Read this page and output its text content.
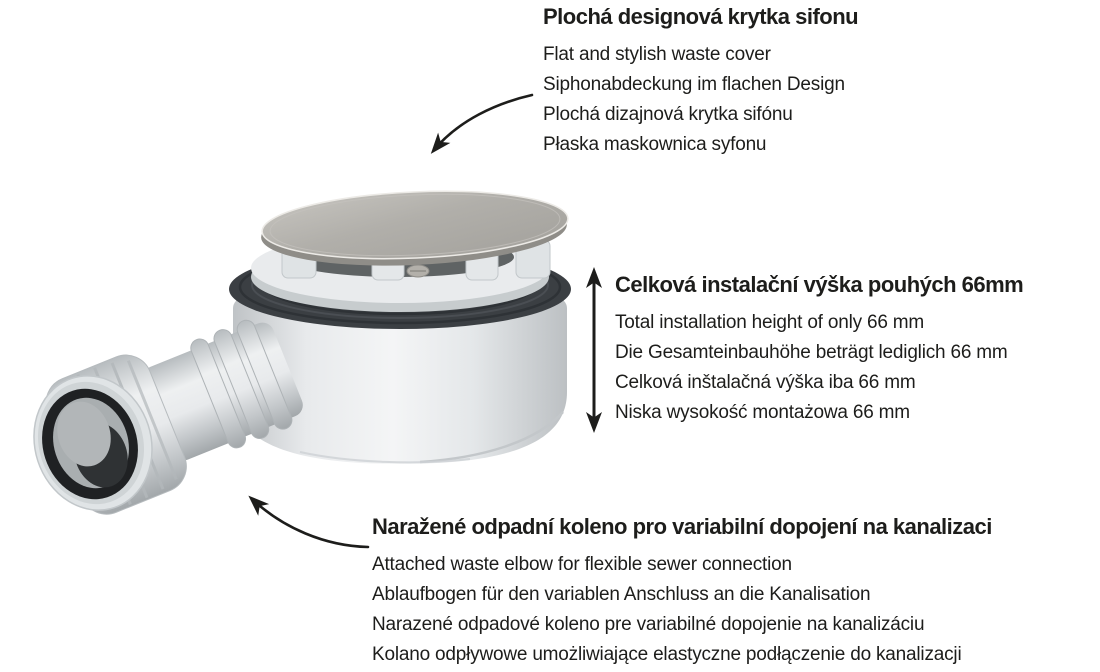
Plochá designová krytka sifonu
Flat and stylish waste cover
Siphonabdeckung im flachen Design
Plochá dizajnová krytka sifónu
Płaska maskownica syfonu
Celková instalační výška pouhých 66mm
Total installation height of only 66 mm
Die Gesamteinbauhöhe beträgt lediglich 66 mm
Celková inštalačná výška iba 66 mm
Niska wysokość montażowa 66 mm
Naražené odpadní koleno pro variabilní dopojení na kanalizaci
Attached waste elbow for flexible sewer connection
Ablaufbogen für den variablen Anschluss an die Kanalisation
Narazené odpadové koleno pre variabilné dopojenie na kanalizáciu
Kolano odpływowe umożliwiające elastyczne podłączenie do kanalizacji
